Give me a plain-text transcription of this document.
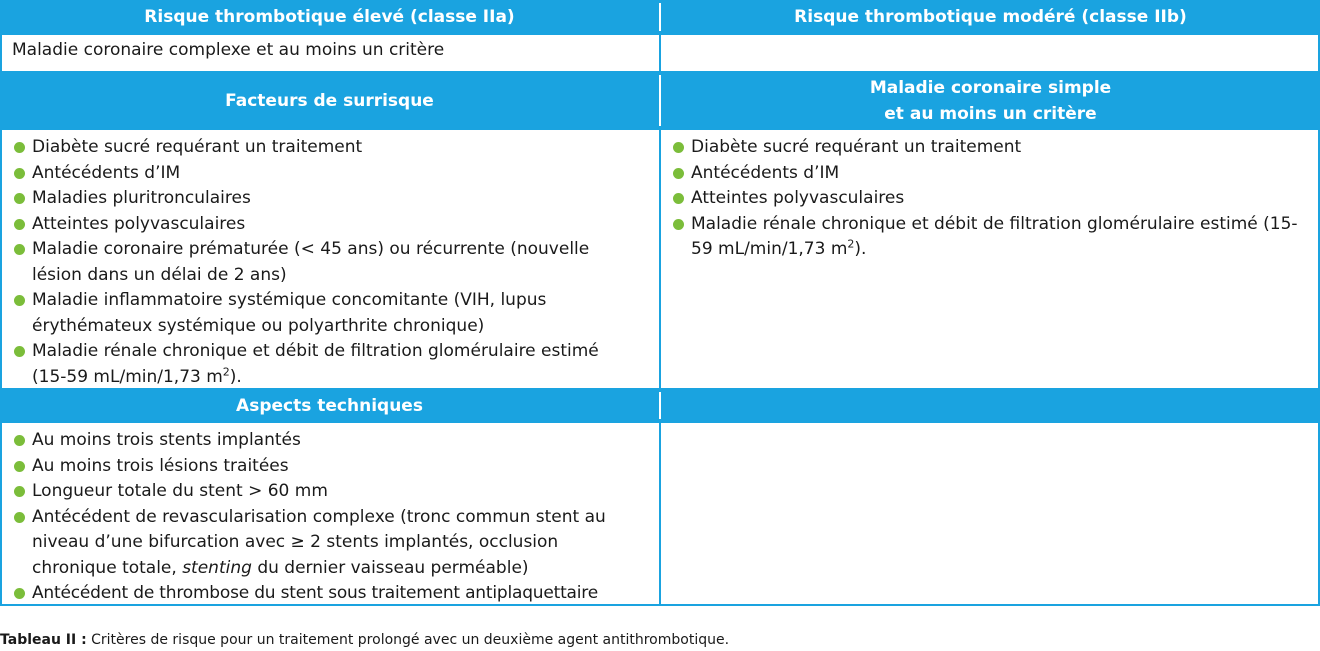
Risque thrombotique élevé (classe IIa)	Risque thrombotique modéré (classe IIb)
Maladie coronaire complexe et au moins un critère
Facteurs de surrisque
Maladie coronaire simple
et au moins un critère
Diabète sucré requérant un traitement
Antécédents d’IM
Maladies pluritronculaires
Atteintes polyvasculaires
Maladie coronaire prématurée (< 45 ans) ou récurrente (nouvelle lésion dans un délai de 2 ans)
Maladie inflammatoire systémique concomitante (VIH, lupus érythémateux systémique ou polyarthrite chronique)
Maladie rénale chronique et débit de filtration glomérulaire estimé (15-59 mL/min/1,73 $m^2$).
Diabète sucré requérant un traitement
Antécédents d’IM
Atteintes polyvasculaires
Maladie rénale chronique et débit de filtration glomérulaire estimé (15-59 mL/min/1,73 $m^2$).
Aspects techniques
Au moins trois stents implantés
Au moins trois lésions traitées
Longueur totale du stent > 60 mm
Antécédent de revascularisation complexe (tronc commun stent au niveau d’une bifurcation avec ≥ 2 stents implantés, occlusion chronique totale, stenting du dernier vaisseau perméable)
Antécédent de thrombose du stent sous traitement antiplaquettaire
Tableau II : Critères de risque pour un traitement prolongé avec un deuxième agent antithrombotique.
